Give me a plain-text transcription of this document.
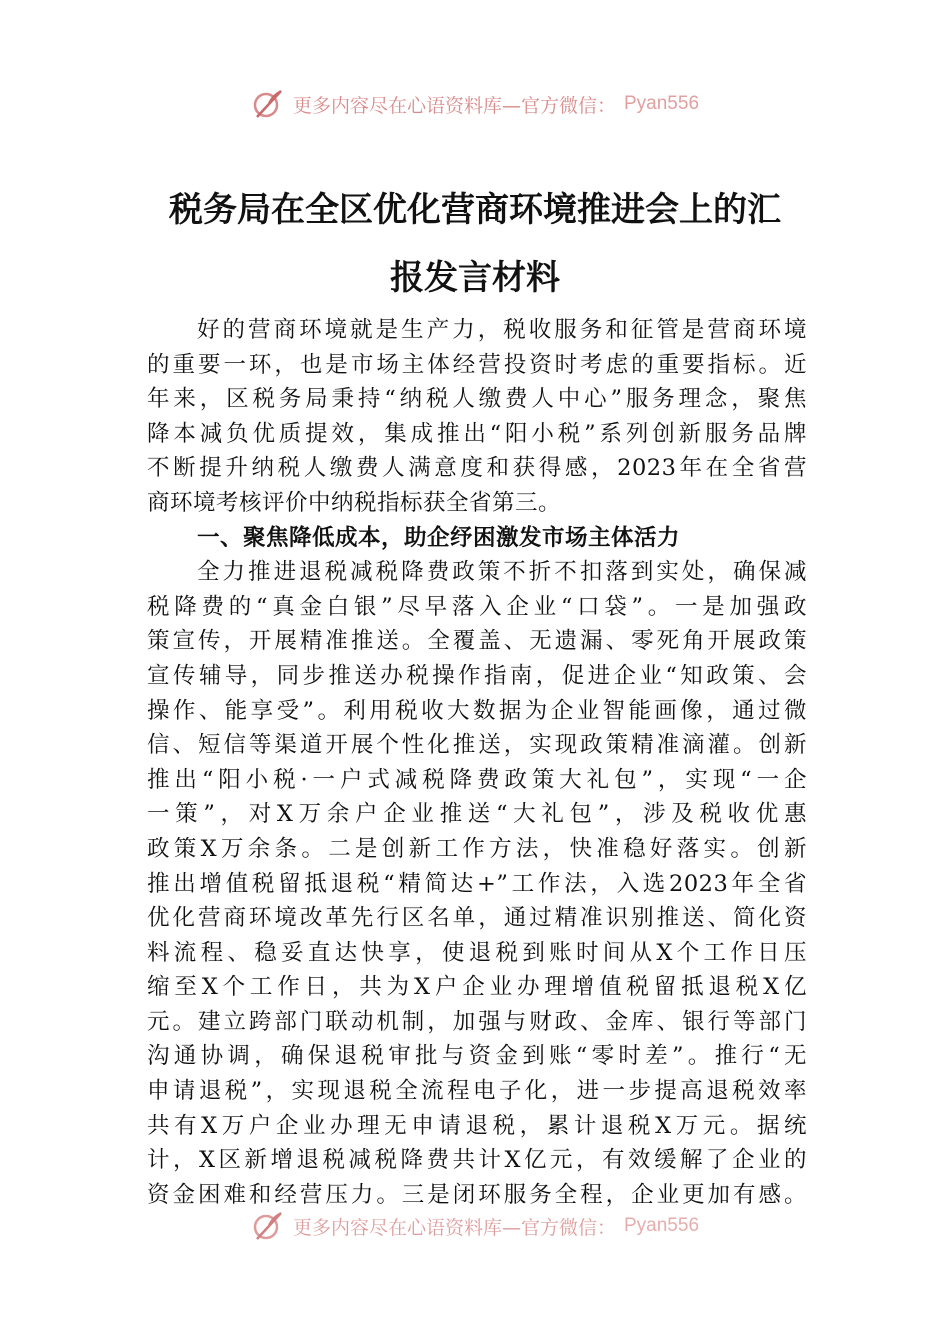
更多内容尽在心语资料库—官方微信： Pyan556
税务局在全区优化营商环境推进会上的汇
报发言材料
好的营商环境就是生产力，税收服务和征管是营商环境
的重要一环，也是市场主体经营投资时考虑的重要指标。近
年来，区税务局秉持“纳税人缴费人中心”服务理念，聚焦
降本减负优质提效，集成推出“阳小税”系列创新服务品牌
不断提升纳税人缴费人满意度和获得感，2023年在全省营
商环境考核评价中纳税指标获全省第三。
一、聚焦降低成本，助企纾困激发市场主体活力
全力推进退税减税降费政策不折不扣落到实处，确保减
税降费的“真金白银”尽早落入企业“口袋”。一是加强政
策宣传，开展精准推送。全覆盖、无遗漏、零死角开展政策
宣传辅导，同步推送办税操作指南，促进企业“知政策、会
操作、能享受”。利用税收大数据为企业智能画像，通过微
信、短信等渠道开展个性化推送，实现政策精准滴灌。创新
推出“阳小税·一户式减税降费政策大礼包”，实现“一企
一策”，对X万余户企业推送“大礼包”，涉及税收优惠
政策X万余条。二是创新工作方法，快准稳好落实。创新
推出增值税留抵退税“精简达+”工作法，入选2023年全省
优化营商环境改革先行区名单，通过精准识别推送、简化资
料流程、稳妥直达快享，使退税到账时间从X个工作日压
缩至X个工作日，共为X户企业办理增值税留抵退税X亿
元。建立跨部门联动机制，加强与财政、金库、银行等部门
沟通协调，确保退税审批与资金到账“零时差”。推行“无
申请退税”，实现退税全流程电子化，进一步提高退税效率
共有X万户企业办理无申请退税，累计退税X万元。据统
计，X区新增退税减税降费共计X亿元，有效缓解了企业的
资金困难和经营压力。三是闭环服务全程，企业更加有感。
更多内容尽在心语资料库—官方微信： Pyan556
